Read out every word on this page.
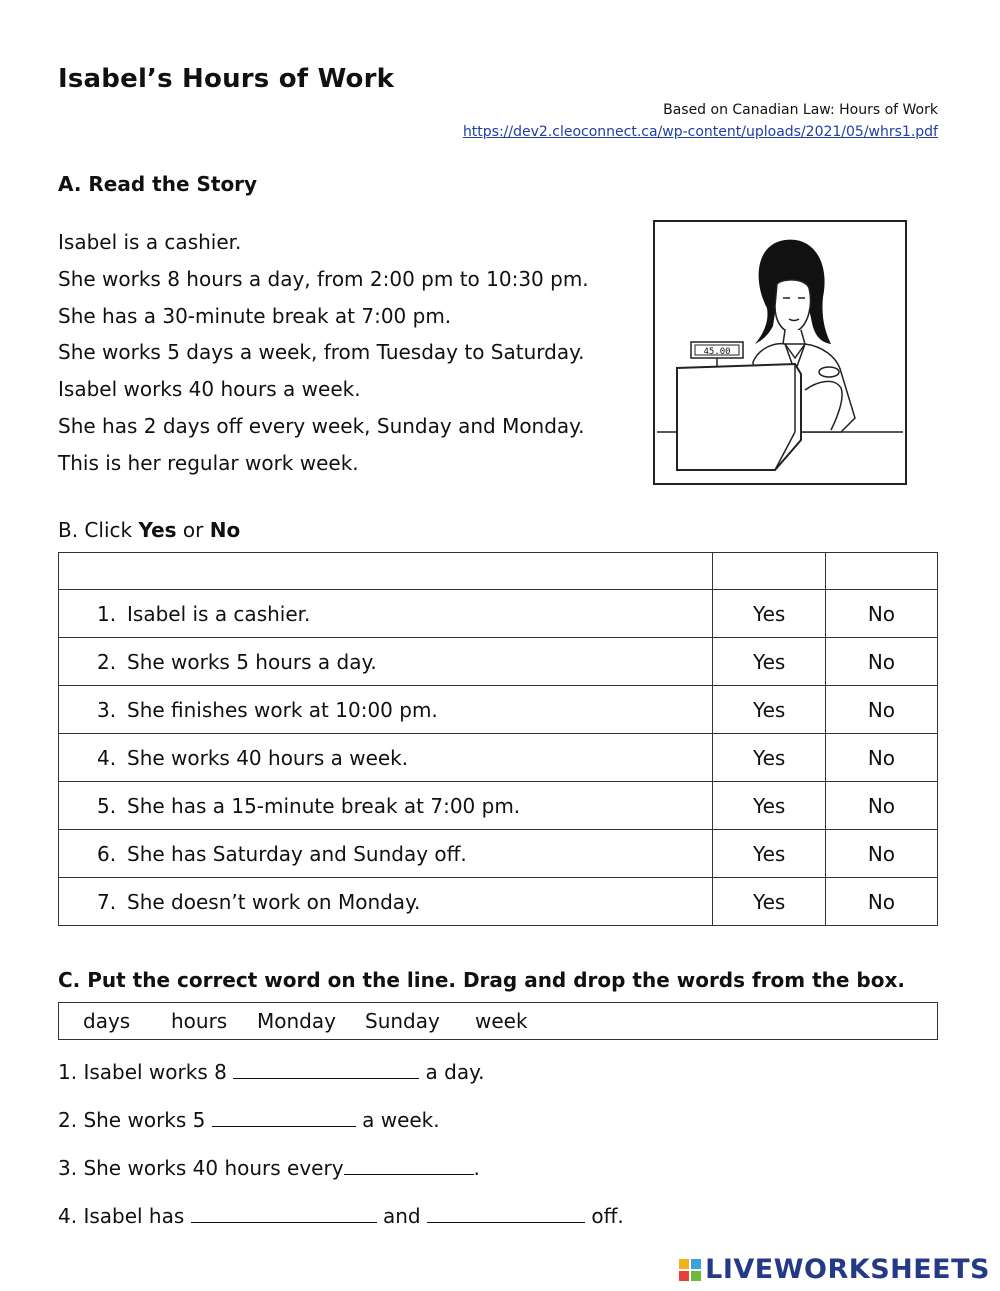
Isabel’s Hours of Work
Based on Canadian Law: Hours of Work
https://dev2.cleoconnect.ca/wp-content/uploads/2021/05/whrs1.pdf
A. Read the Story
Isabel is a cashier.
She works 8 hours a day, from 2:00 pm to 10:30 pm.
She has a 30-minute break at 7:00 pm.
She works 5 days a week, from Tuesday to Saturday.
Isabel works 40 hours a week.
She has 2 days off every week, Sunday and Monday.
This is her regular work week.
45.00
B. Click Yes or No

1. Isabel is a cashier.	Yes	No
2. She works 5 hours a day.	Yes	No
3. She finishes work at 10:00 pm.	Yes	No
4. She works 40 hours a week.	Yes	No
5. She has a 15-minute break at 7:00 pm.	Yes	No
6. She has Saturday and Sunday off.	Yes	No
7. She doesn’t work on Monday.	Yes	No
C. Put the correct word on the line. Drag and drop the words from the box.
days hours Monday Sunday week
1. Isabel works 8	a day.
2. She works 5	a week.
3. She works 40 hours every	.
4. Isabel has	and	off.
LIVEWORKSHEETS
